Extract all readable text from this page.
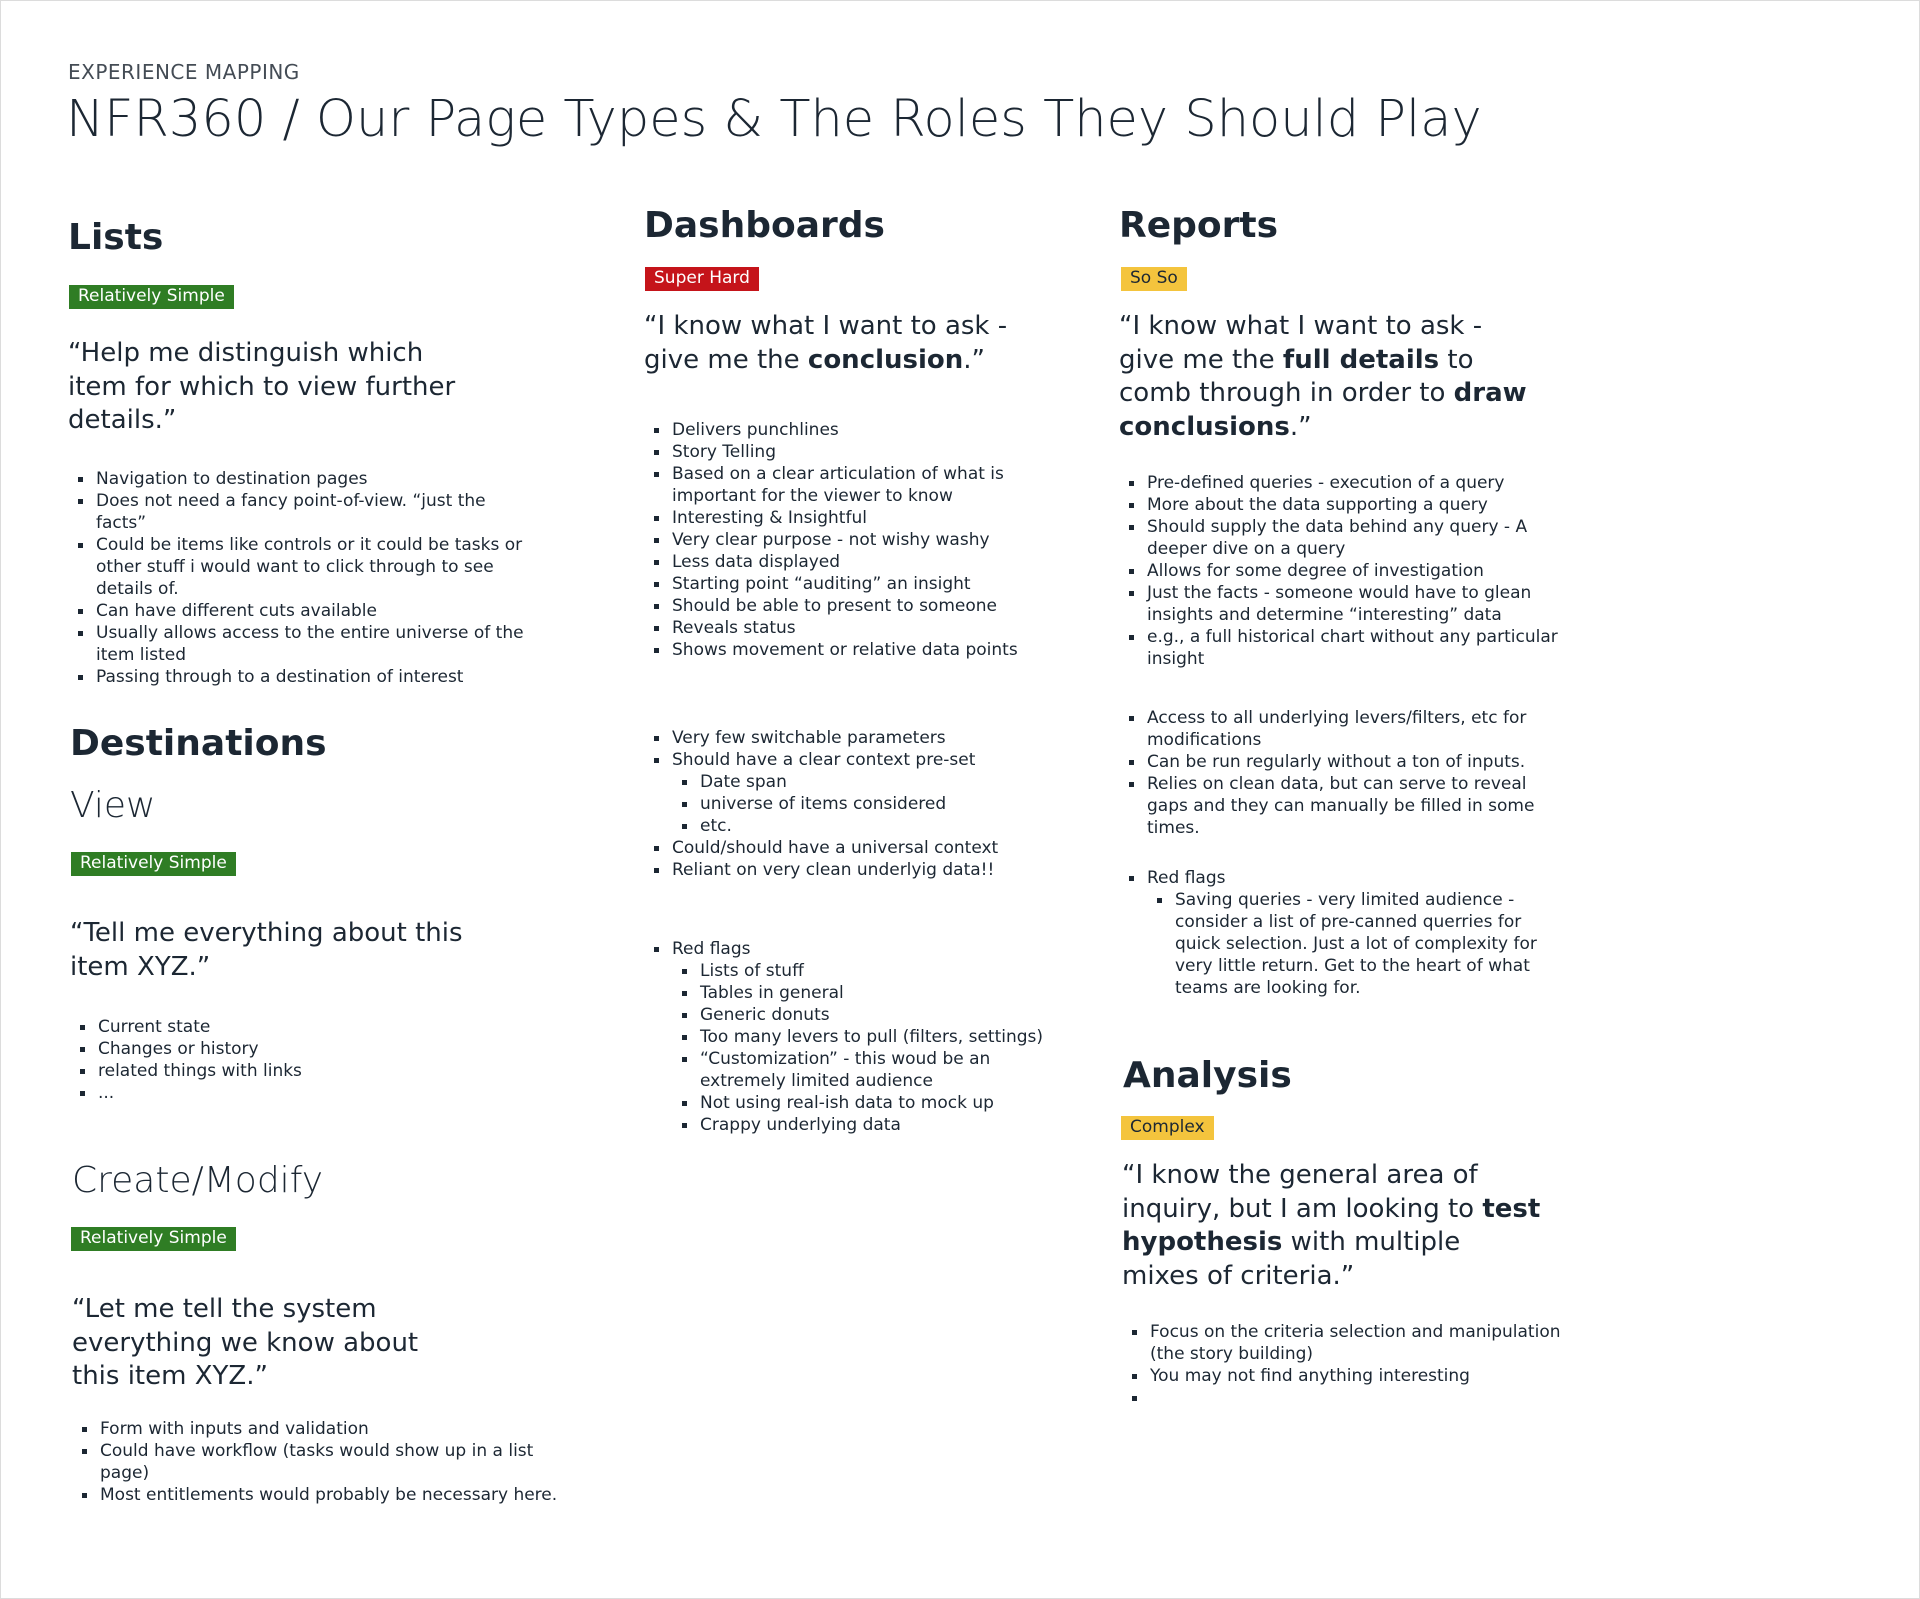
EXPERIENCE MAPPING
NFR360 / Our Page Types & The Roles They Should Play
Lists
Relatively Simple
“Help me distinguish which item for which to view further details.”
Navigation to destination pages
Does not need a fancy point-of-view. “just the facts”
Could be items like controls or it could be tasks or other stuff i would want to click through to see details of.
Can have different cuts available
Usually allows access to the entire universe of the item listed
Passing through to a destination of interest
Destinations
View
Relatively Simple
“Tell me everything about this item XYZ.”
Current state
Changes or history
related things with links
...
Create/Modify
Relatively Simple
“Let me tell the system everything we know about this item XYZ.”
Form with inputs and validation
Could have workflow (tasks would show up in a list page)
Most entitlements would probably be necessary here.
Dashboards
Super Hard
“I know what I want to ask - give me the conclusion.”
Delivers punchlines
Story Telling
Based on a clear articulation of what is important for the viewer to know
Interesting & Insightful
Very clear purpose - not wishy washy
Less data displayed
Starting point “auditing” an insight
Should be able to present to someone
Reveals status
Shows movement or relative data points
Very few switchable parameters
Should have a clear context pre-set
Date span
universe of items considered
etc.
Could/should have a universal context
Reliant on very clean underlyig data!!
Red flags
Lists of stuff
Tables in general
Generic donuts
Too many levers to pull (filters, settings)
“Customization” - this woud be an extremely limited audience
Not using real-ish data to mock up
Crappy underlying data
Reports
So So
“I know what I want to ask - give me the full details to comb through in order to draw conclusions.”
Pre-defined queries - execution of a query
More about the data supporting a query
Should supply the data behind any query - A deeper dive on a query
Allows for some degree of investigation
Just the facts - someone would have to glean insights and determine “interesting” data
e.g., a full historical chart without any particular insight
Access to all underlying levers/filters, etc for modifications
Can be run regularly without a ton of inputs.
Relies on clean data, but can serve to reveal gaps and they can manually be filled in some times.
Red flags
Saving queries - very limited audience - consider a list of pre-canned querries for quick selection. Just a lot of complexity for very little return. Get to the heart of what teams are looking for.
Analysis
Complex
“I know the general area of inquiry, but I am looking to test hypothesis with multiple mixes of criteria.”
Focus on the criteria selection and manipulation (the story building)
You may not find anything interesting
